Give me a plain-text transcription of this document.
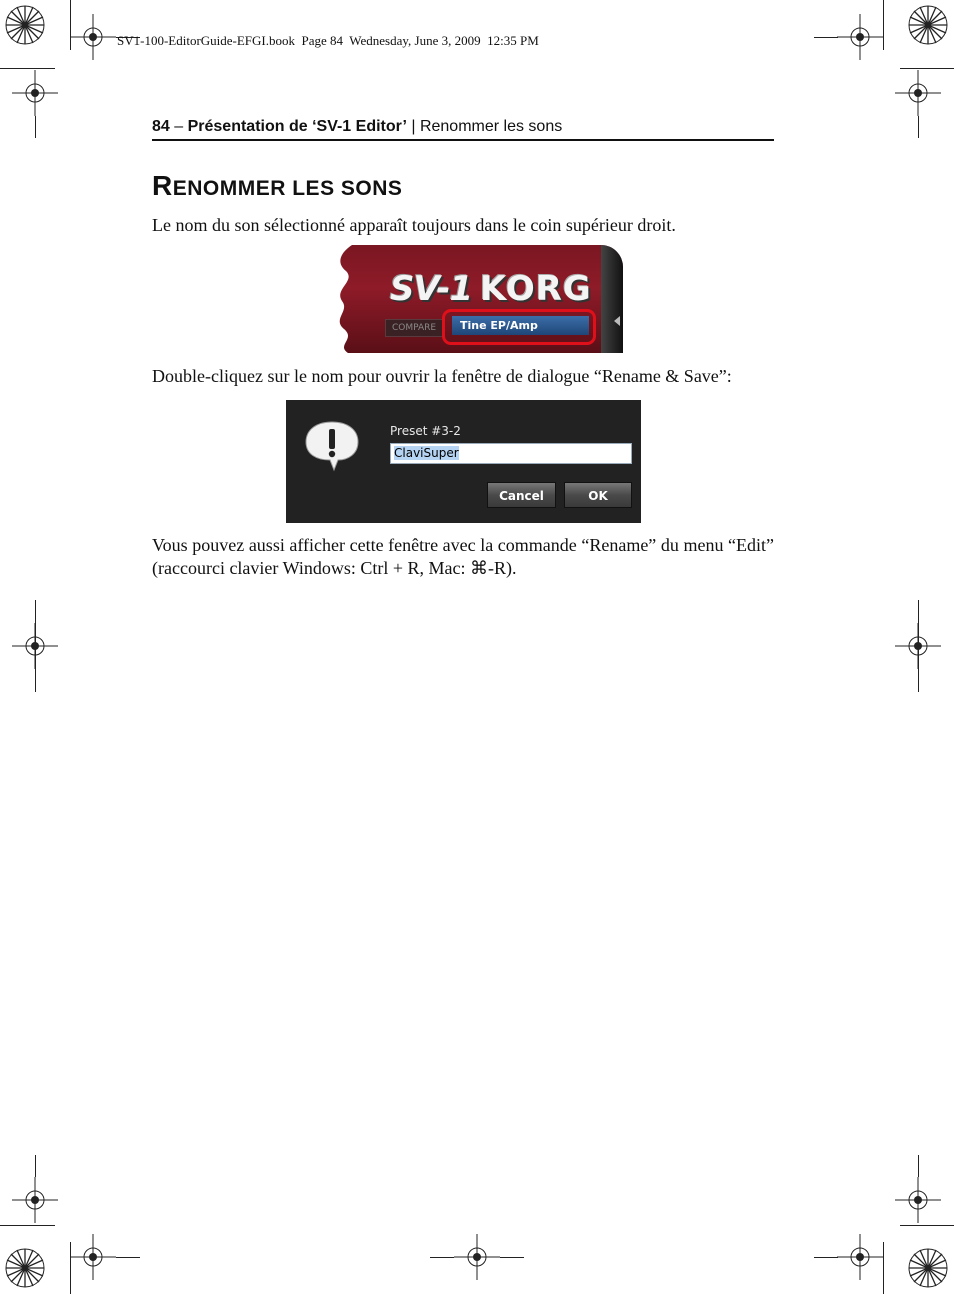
SV1-100-EditorGuide-EFGI.book  Page 84  Wednesday, June 3, 2009  12:35 PM
84 – Présentation de ‘SV-1 Editor’ | Renommer les sons
RENOMMER LES SONS
Le nom du son sélectionné apparaît toujours dans le coin supérieur droit.
SV-1 KORG
COMPARE	Tine EP/Amp
Double-cliquez sur le nom pour ouvrir la fenêtre de dialogue “Rename & Save”:
Preset #3-2
ClaviSuper
Cancel	OK
Vous pouvez aussi afficher cette fenêtre avec la commande “Rename” du menu “Edit” (raccourci clavier Windows: Ctrl + R, Mac: ⌘-R).
